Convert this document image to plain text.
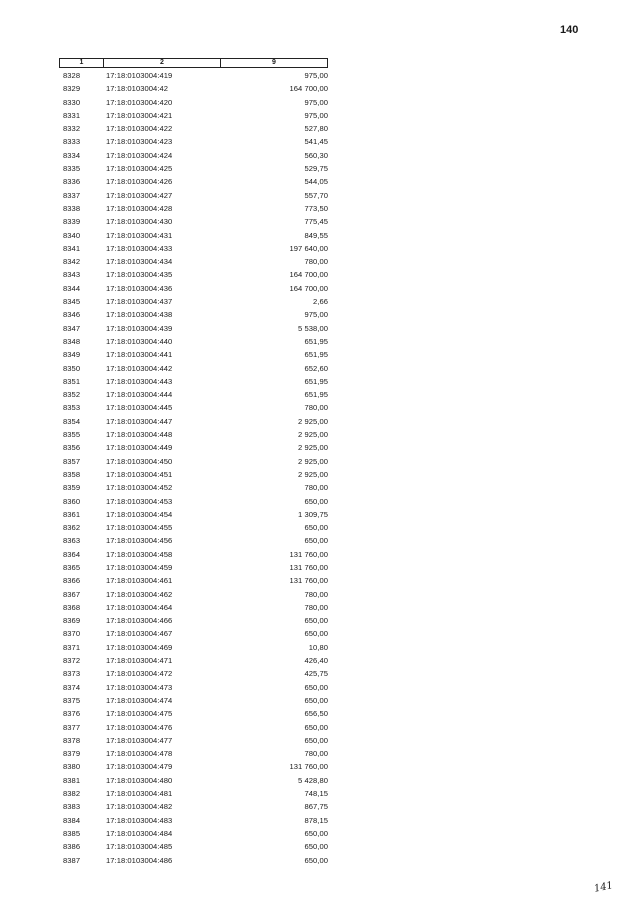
140
1	2	9
8328	17:18:0103004:419	975,00
8329	17:18:0103004:42	164 700,00
8330	17:18:0103004:420	975,00
8331	17:18:0103004:421	975,00
8332	17:18:0103004:422	527,80
8333	17:18:0103004:423	541,45
8334	17:18:0103004:424	560,30
8335	17:18:0103004:425	529,75
8336	17:18:0103004:426	544,05
8337	17:18:0103004:427	557,70
8338	17:18:0103004:428	773,50
8339	17:18:0103004:430	775,45
8340	17:18:0103004:431	849,55
8341	17:18:0103004:433	197 640,00
8342	17:18:0103004:434	780,00
8343	17:18:0103004:435	164 700,00
8344	17:18:0103004:436	164 700,00
8345	17:18:0103004:437	2,66
8346	17:18:0103004:438	975,00
8347	17:18:0103004:439	5 538,00
8348	17:18:0103004:440	651,95
8349	17:18:0103004:441	651,95
8350	17:18:0103004:442	652,60
8351	17:18:0103004:443	651,95
8352	17:18:0103004:444	651,95
8353	17:18:0103004:445	780,00
8354	17:18:0103004:447	2 925,00
8355	17:18:0103004:448	2 925,00
8356	17:18:0103004:449	2 925,00
8357	17:18:0103004:450	2 925,00
8358	17:18:0103004:451	2 925,00
8359	17:18:0103004:452	780,00
8360	17:18:0103004:453	650,00
8361	17:18:0103004:454	1 309,75
8362	17:18:0103004:455	650,00
8363	17:18:0103004:456	650,00
8364	17:18:0103004:458	131 760,00
8365	17:18:0103004:459	131 760,00
8366	17:18:0103004:461	131 760,00
8367	17:18:0103004:462	780,00
8368	17:18:0103004:464	780,00
8369	17:18:0103004:466	650,00
8370	17:18:0103004:467	650,00
8371	17:18:0103004:469	10,80
8372	17:18:0103004:471	426,40
8373	17:18:0103004:472	425,75
8374	17:18:0103004:473	650,00
8375	17:18:0103004:474	650,00
8376	17:18:0103004:475	656,50
8377	17:18:0103004:476	650,00
8378	17:18:0103004:477	650,00
8379	17:18:0103004:478	780,00
8380	17:18:0103004:479	131 760,00
8381	17:18:0103004:480	5 428,80
8382	17:18:0103004:481	748,15
8383	17:18:0103004:482	867,75
8384	17:18:0103004:483	878,15
8385	17:18:0103004:484	650,00
8386	17:18:0103004:485	650,00
8387	17:18:0103004:486	650,00
141
